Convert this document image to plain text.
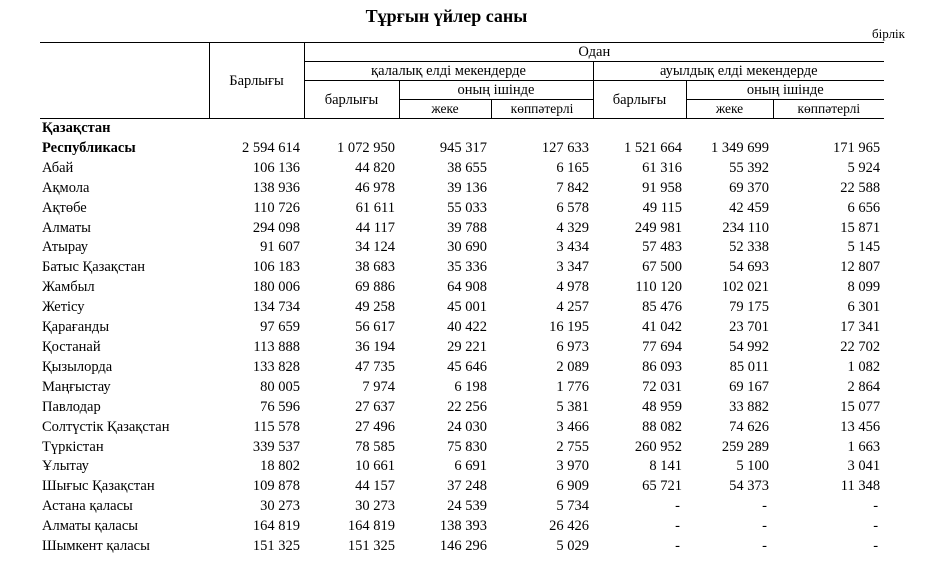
Тұрғын үйлер саны
бірлік
	Барлығы	Одан					
		қалалық елді мекендерде			ауылдық елді мекендерде		
		барлығы	оның ішінде		барлығы	оның ішінде	
			жеке	көппәтерлі		жеке	көппәтерлі
Қазақстан							
Республикасы	2 594 614	1 072 950	945 317	127 633	1 521 664	1 349 699	171 965
Абай	106 136	44 820	38 655	6 165	61 316	55 392	5 924
Ақмола	138 936	46 978	39 136	7 842	91 958	69 370	22 588
Ақтөбе	110 726	61 611	55 033	6 578	49 115	42 459	6 656
Алматы	294 098	44 117	39 788	4 329	249 981	234 110	15 871
Атырау	91 607	34 124	30 690	3 434	57 483	52 338	5 145
Батыс Қазақстан	106 183	38 683	35 336	3 347	67 500	54 693	12 807
Жамбыл	180 006	69 886	64 908	4 978	110 120	102 021	8 099
Жетісу	134 734	49 258	45 001	4 257	85 476	79 175	6 301
Қарағанды	97 659	56 617	40 422	16 195	41 042	23 701	17 341
Қостанай	113 888	36 194	29 221	6 973	77 694	54 992	22 702
Қызылорда	133 828	47 735	45 646	2 089	86 093	85 011	1 082
Маңғыстау	80 005	7 974	6 198	1 776	72 031	69 167	2 864
Павлодар	76 596	27 637	22 256	5 381	48 959	33 882	15 077
Солтүстік Қазақстан	115 578	27 496	24 030	3 466	88 082	74 626	13 456
Түркістан	339 537	78 585	75 830	2 755	260 952	259 289	1 663
Ұлытау	18 802	10 661	6 691	3 970	8 141	5 100	3 041
Шығыс Қазақстан	109 878	44 157	37 248	6 909	65 721	54 373	11 348
Астана қаласы	30 273	30 273	24 539	5 734	-	-	-
Алматы қаласы	164 819	164 819	138 393	26 426	-	-	-
Шымкент қаласы	151 325	151 325	146 296	5 029	-	-	-
